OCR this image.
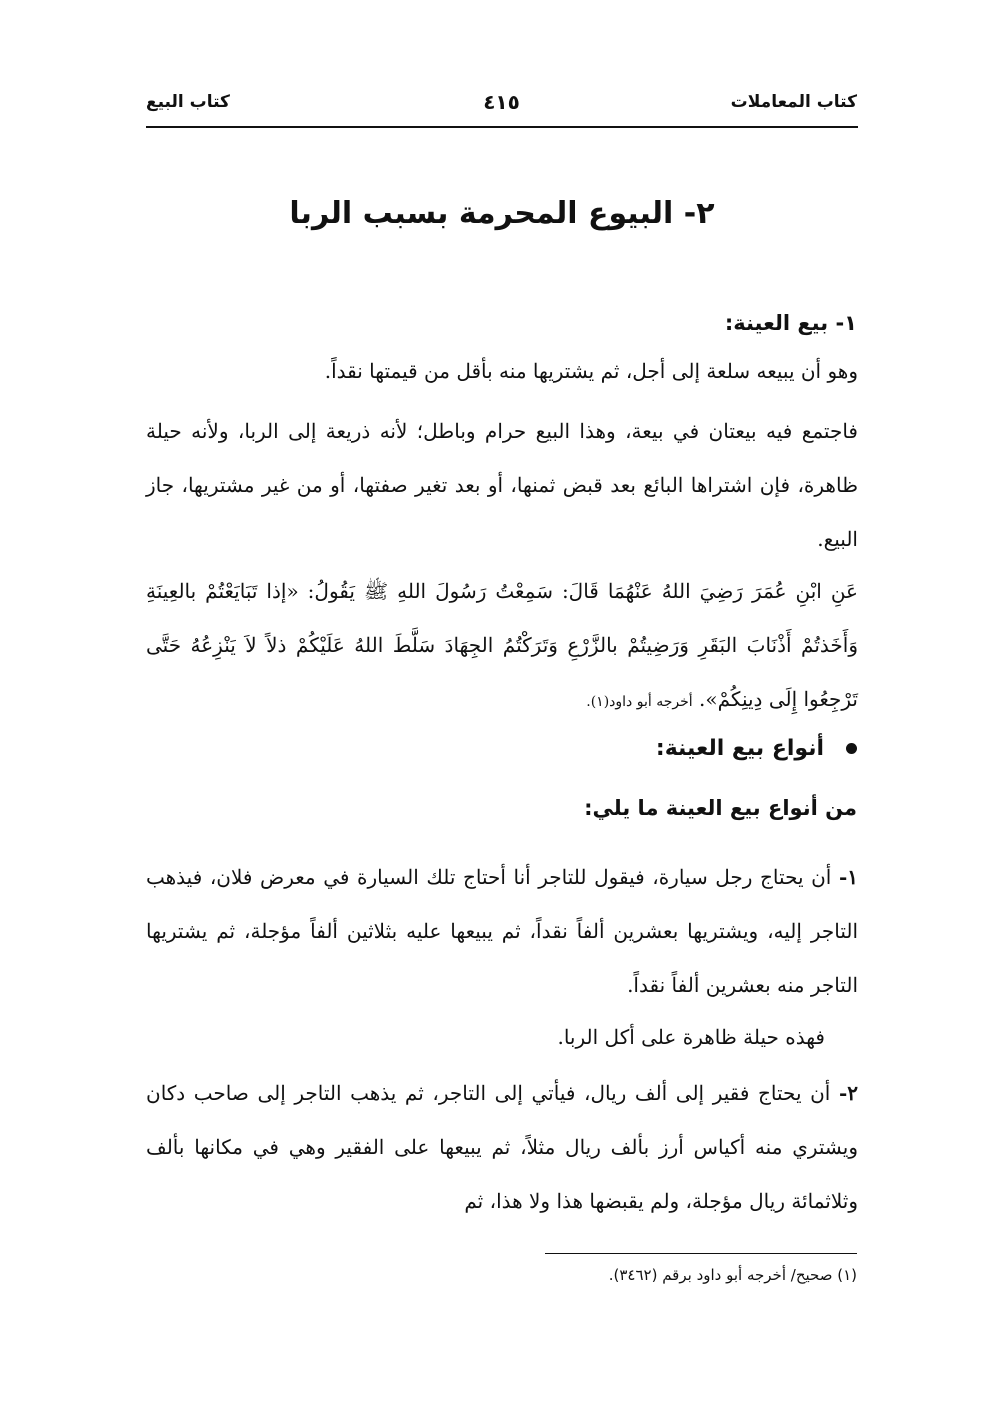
كتاب المعاملات
٤١٥
كتاب البيع
٢- البيوع المحرمة بسبب الربا
١- بيع العينة:

وهو أن يبيعه سلعة إلى أجل، ثم يشتريها منه بأقل من قيمتها نقداً.

فاجتمع فيه بيعتان في بيعة، وهذا البيع حرام وباطل؛ لأنه ذريعة إلى الربا، ولأنه حيلة ظاهرة، فإن اشتراها البائع بعد قبض ثمنها، أو بعد تغير صفتها، أو من غير مشتريها، جاز البيع.

عَنِ ابْنِ عُمَرَ رَضِيَ اللهُ عَنْهُمَا قَالَ: سَمِعْتُ رَسُولَ اللهِ ﷺ يَقُولُ: «إذا تَبَايَعْتُمْ بالعِينَةِ وَأَخَذتُمْ أَذْنَابَ البَقَرِ وَرَضِيتُمْ بالزَّرْعِ وَتَرَكْتُمُ الجِهَادَ سَلَّطَ اللهُ عَلَيْكُمْ ذلاً لاَ يَنْزِعُهُ حَتَّى تَرْجِعُوا إِلَى دِينِكُمْ». أخرجه أبو داود(١).

أنواع بيع العينة:
من أنواع بيع العينة ما يلي:

١- أن يحتاج رجل سيارة، فيقول للتاجر أنا أحتاج تلك السيارة في معرض فلان، فيذهب التاجر إليه، ويشتريها بعشرين ألفاً نقداً، ثم يبيعها عليه بثلاثين ألفاً مؤجلة، ثم يشتريها التاجر منه بعشرين ألفاً نقداً.

فهذه حيلة ظاهرة على أكل الربا.

٢- أن يحتاج فقير إلى ألف ريال، فيأتي إلى التاجر، ثم يذهب التاجر إلى صاحب دكان ويشتري منه أكياس أرز بألف ريال مثلاً، ثم يبيعها على الفقير وهي في مكانها بألف وثلاثمائة ريال مؤجلة، ولم يقبضها هذا ولا هذا، ثم

(١) صحيح/ أخرجه أبو داود برقم (٣٤٦٢).
